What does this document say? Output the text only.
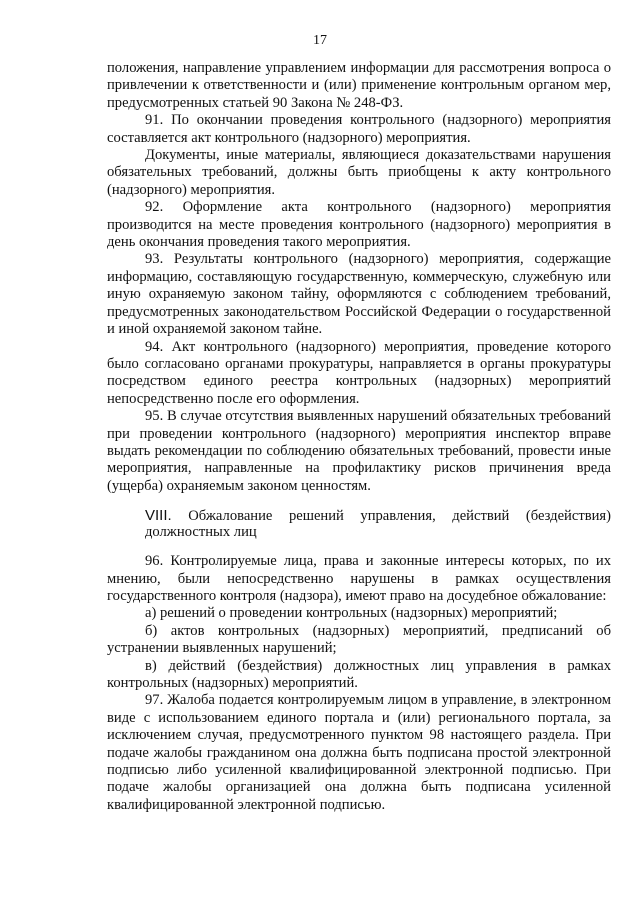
17

положения, направление управлением информации для рассмотрения вопроса о привлечении к ответственности и (или) применение контрольным органом мер, предусмотренных статьей 90 Закона № 248-ФЗ.

91. По окончании проведения контрольного (надзорного) мероприятия составляется акт контрольного (надзорного) мероприятия.

Документы, иные материалы, являющиеся доказательствами нарушения обязательных требований, должны быть приобщены к акту контрольного (надзорного) мероприятия.

92. Оформление акта контрольного (надзорного) мероприятия производится на месте проведения контрольного (надзорного) мероприятия в день окончания проведения такого мероприятия.

93. Результаты контрольного (надзорного) мероприятия, содержащие информацию, составляющую государственную, коммерческую, служебную или иную охраняемую законом тайну, оформляются с соблюдением требований, предусмотренных законодательством Российской Федерации о государственной и иной охраняемой законом тайне.

94. Акт контрольного (надзорного) мероприятия, проведение которого было согласовано органами прокуратуры, направляется в органы прокуратуры посредством единого реестра контрольных (надзорных) мероприятий непосредственно после его оформления.

95. В случае отсутствия выявленных нарушений обязательных требований при проведении контрольного (надзорного) мероприятия инспектор вправе выдать рекомендации по соблюдению обязательных требований, провести иные мероприятия, направленные на профилактику рисков причинения вреда (ущерба) охраняемым законом ценностям.

VIII. Обжалование решений управления, действий (бездействия) должностных лиц

96. Контролируемые лица, права и законные интересы которых, по их мнению, были непосредственно нарушены в рамках осуществления государственного контроля (надзора), имеют право на досудебное обжалование:

а) решений о проведении контрольных (надзорных) мероприятий;

б) актов контрольных (надзорных) мероприятий, предписаний об устранении выявленных нарушений;

в) действий (бездействия) должностных лиц управления в рамках контрольных (надзорных) мероприятий.

97. Жалоба подается контролируемым лицом в управление, в электронном виде с использованием единого портала и (или) регионального портала, за исключением случая, предусмотренного пунктом 98 настоящего раздела. При подаче жалобы гражданином она должна быть подписана простой электронной подписью либо усиленной квалифицированной электронной подписью. При подаче жалобы организацией она должна быть подписана усиленной квалифицированной электронной подписью.
